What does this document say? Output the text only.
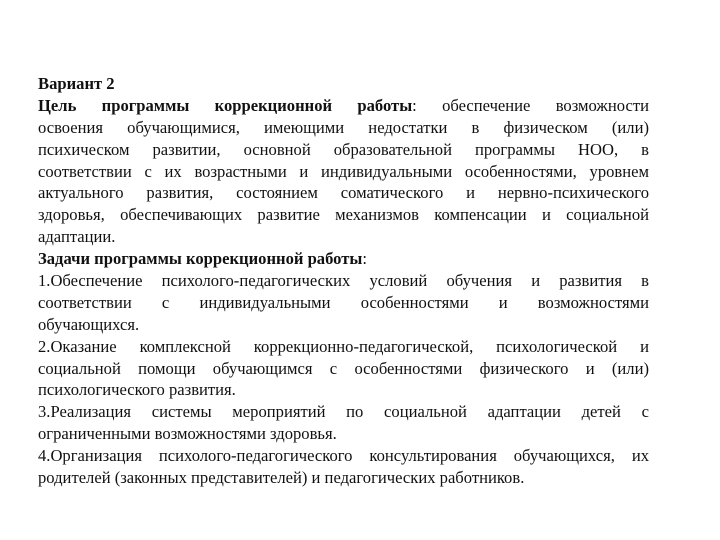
Вариант 2
Цель программы коррекционной работы: обеспечение возможности
освоения обучающимися, имеющими недостатки в физическом (или)
психическом развитии, основной образовательной программы НОО, в
соответствии с их возрастными и индивидуальными особенностями, уровнем
актуального развития, состоянием соматического и нервно-психического
здоровья, обеспечивающих развитие механизмов компенсации и социальной
адаптации.
Задачи программы коррекционной работы:
1.Обеспечение психолого-педагогических условий обучения и развития в
соответствии с индивидуальными особенностями и возможностями
обучающихся.
2.Оказание комплексной коррекционно-педагогической, психологической и
социальной помощи обучающимся с особенностями физического и (или)
психологического развития.
3.Реализация системы мероприятий по социальной адаптации детей с
ограниченными возможностями здоровья.
4.Организация психолого-педагогического консультирования обучающихся, их
родителей (законных представителей) и педагогических работников.
